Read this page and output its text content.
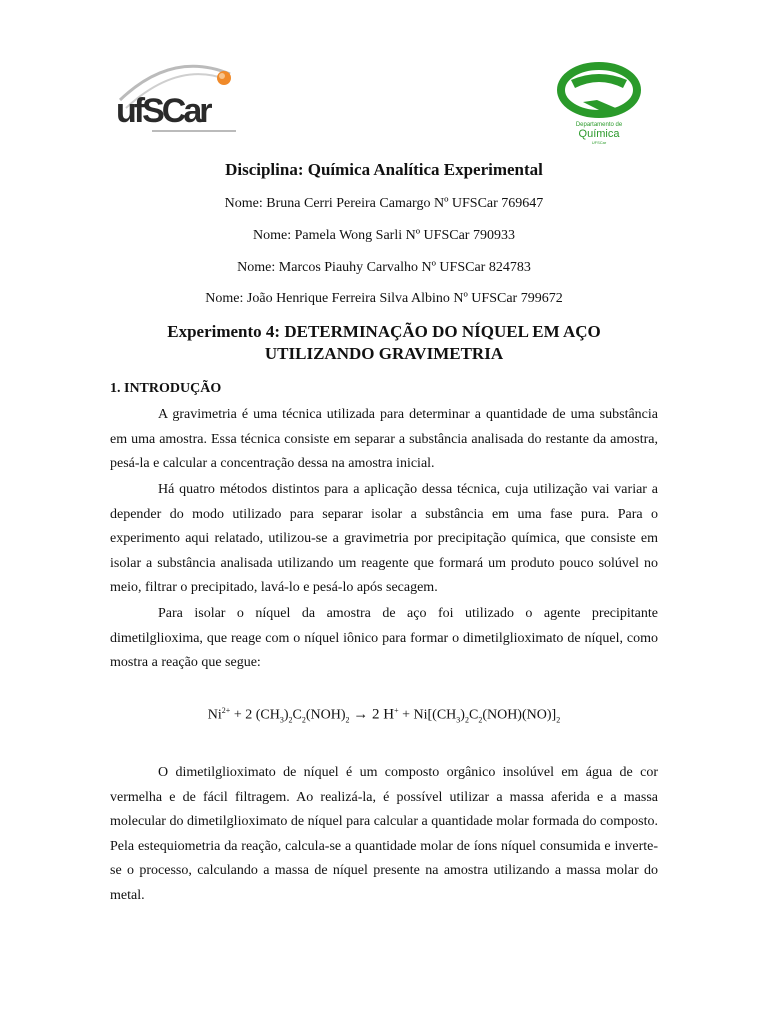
ufSCar	Departamento de
Química
UFSCar
Disciplina: Química Analítica Experimental
Nome: Bruna Cerri Pereira Camargo Nº UFSCar 769647
Nome: Pamela Wong Sarli Nº UFSCar 790933
Nome: Marcos Piauhy Carvalho Nº UFSCar 824783
Nome: João Henrique Ferreira Silva Albino Nº UFSCar 799672
Experimento 4: DETERMINAÇÃO DO NÍQUEL EM AÇO
UTILIZANDO GRAVIMETRIA
1. INTRODUÇÃO

A gravimetria é uma técnica utilizada para determinar a quantidade de uma substância em uma amostra. Essa técnica consiste em separar a substância analisada do restante da amostra, pesá-la e calcular a concentração dessa na amostra inicial.

Há quatro métodos distintos para a aplicação dessa técnica, cuja utilização vai variar a depender do modo utilizado para separar isolar a substância em uma fase pura. Para o experimento aqui relatado, utilizou-se a gravimetria por precipitação química, que consiste em isolar a substância analisada utilizando um reagente que formará um produto pouco solúvel no meio, filtrar o precipitado, lavá-lo e pesá-lo após secagem.

Para isolar o níquel da amostra de aço foi utilizado o agente precipitante dimetilglioxima, que reage com o níquel iônico para formar o dimetilglioximato de níquel, como mostra a reação que segue:

$Ni^{2+} + 2$ $(CH_3)_2C_2(NOH)_2 \to 2$ $H^+ + Ni[(CH_3)_2C_2(NOH)(NO)]_2$

O dimetilglioximato de níquel é um composto orgânico insolúvel em água de cor vermelha e de fácil filtragem. Ao realizá-la, é possível utilizar a massa aferida e a massa molecular do dimetilglioximato de níquel para calcular a quantidade molar formada do composto. Pela estequiometria da reação, calcula-se a quantidade molar de íons níquel consumida e inverte-se o processo, calculando a massa de níquel presente na amostra utilizando a massa molar do metal.
